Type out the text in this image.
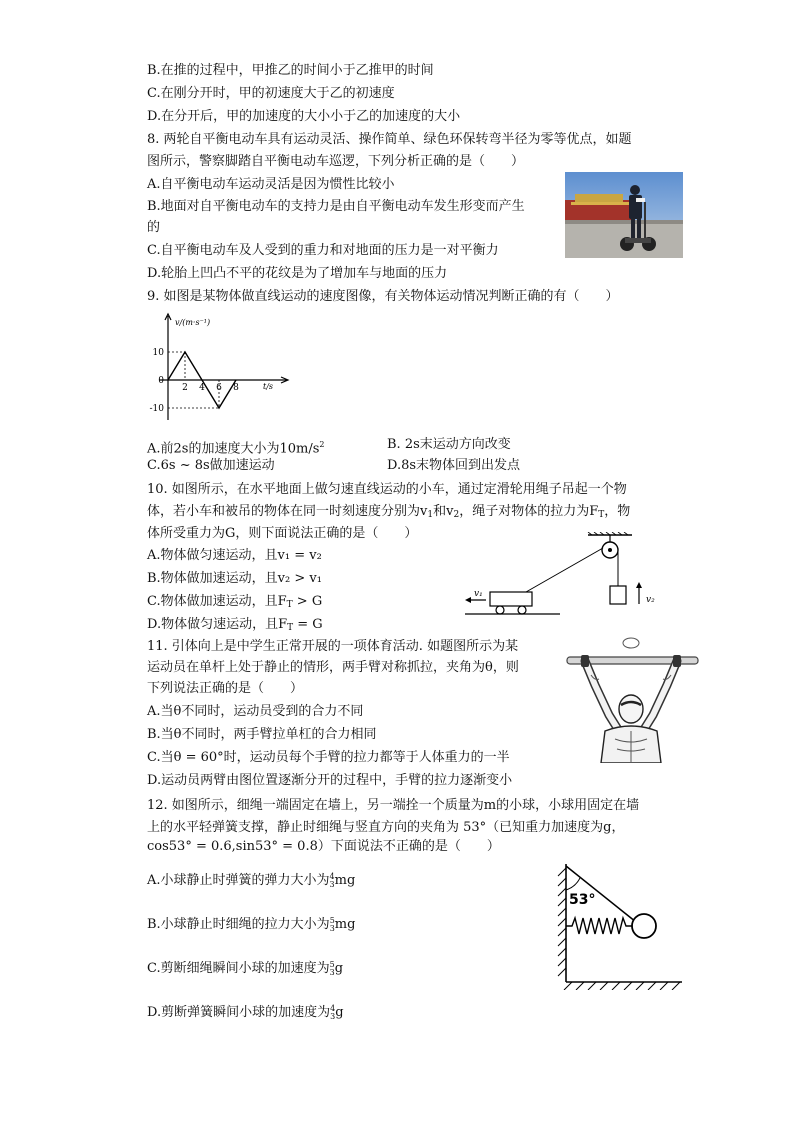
B.在推的过程中，甲推乙的时间小于乙推甲的时间
C.在刚分开时，甲的初速度大于乙的初速度
D.在分开后，甲的加速度的大小小于乙的加速度的大小
8. 两轮自平衡电动车具有运动灵活、操作简单、绿色环保转弯半径为零等优点，如题
图所示，警察脚踏自平衡电动车巡逻，下列分析正确的是（　　）
A.自平衡电动车运动灵活是因为惯性比较小
B.地面对自平衡电动车的支持力是由自平衡电动车发生形变而产生
的
C.自平衡电动车及人受到的重力和对地面的压力是一对平衡力
D.轮胎上凹凸不平的花纹是为了增加车与地面的压力
9. 如图是某物体做直线运动的速度图像，有关物体运动情况判断正确的有（　　）
v/(m·s⁻¹)
t/s
10
0
-10
2 4 6 8
A.前2s的加速度大小为$10m/s^2$	B. 2s末运动方向改变
C.6s ~ 8s做加速运动	D.8s末物体回到出发点
10. 如图所示，在水平地面上做匀速直线运动的小车，通过定滑轮用绳子吊起一个物
体，若小车和被吊的物体在同一时刻速度分别为$v_1$和$v_2$，绳子对物体的拉力为$F_T$，物
体所受重力为G，则下面说法正确的是（　　）
A.物体做匀速运动，且v₁ = v₂
B.物体做加速运动，且v₂ > v₁
C.物体做加速运动，且$F_T > G$
D.物体做匀速运动，且$F_T = G$
v₂
v₁
11. 引体向上是中学生正常开展的一项体育活动. 如题图所示为某
运动员在单杆上处于静止的情形，两手臂对称抓拉，夹角为θ，则
下列说法正确的是（　　）
A.当θ不同时，运动员受到的合力不同
B.当θ不同时，两手臂拉单杠的合力相同
C.当θ = 60°时，运动员每个手臂的拉力都等于人体重力的一半
D.运动员两臂由图位置逐渐分开的过程中，手臂的拉力逐渐变小
12. 如图所示，细绳一端固定在墙上，另一端拴一个质量为m的小球，小球用固定在墙
上的水平轻弹簧支撑，静止时细绳与竖直方向的夹角为 53°（已知重力加速度为g，
cos53° = 0.6,sin53° = 0.8）下面说法不正确的是（　　）
A.小球静止时弹簧的弹力大小为4
3mg
B.小球静止时细绳的拉力大小为5
3mg
C.剪断细绳瞬间小球的加速度为5
3g
D.剪断弹簧瞬间小球的加速度为4
3g
53°
